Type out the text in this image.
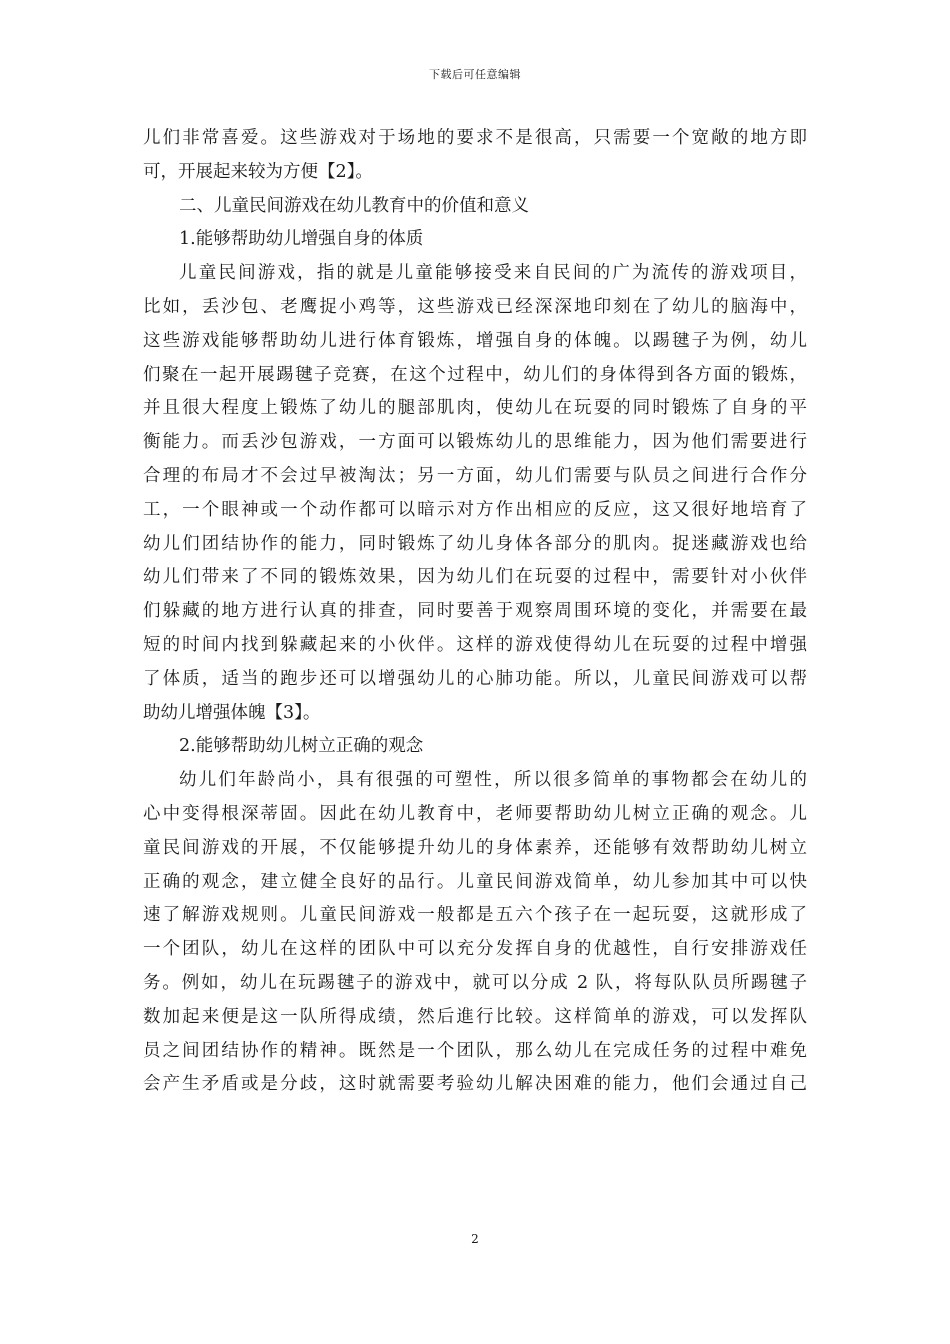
下载后可任意编辑
儿们非常喜爱。这些游戏对于场地的要求不是很高，只需要一个宽敞的地方即
可，开展起来较为方便【2】。
二、儿童民间游戏在幼儿教育中的价值和意义
1.能够帮助幼儿增强自身的体质
儿童民间游戏，指的就是儿童能够接受来自民间的广为流传的游戏项目，
比如，丢沙包、老鹰捉小鸡等，这些游戏已经深深地印刻在了幼儿的脑海中，
这些游戏能够帮助幼儿进行体育锻炼，增强自身的体魄。以踢毽子为例，幼儿
们聚在一起开展踢毽子竞赛，在这个过程中，幼儿们的身体得到各方面的锻炼，
并且很大程度上锻炼了幼儿的腿部肌肉，使幼儿在玩耍的同时锻炼了自身的平
衡能力。而丢沙包游戏，一方面可以锻炼幼儿的思维能力，因为他们需要进行
合理的布局才不会过早被淘汰；另一方面，幼儿们需要与队员之间进行合作分
工，一个眼神或一个动作都可以暗示对方作出相应的反应，这又很好地培育了
幼儿们团结协作的能力，同时锻炼了幼儿身体各部分的肌肉。捉迷藏游戏也给
幼儿们带来了不同的锻炼效果，因为幼儿们在玩耍的过程中，需要针对小伙伴
们躲藏的地方进行认真的排查，同时要善于观察周围环境的变化，并需要在最
短的时间内找到躲藏起来的小伙伴。这样的游戏使得幼儿在玩耍的过程中增强
了体质，适当的跑步还可以增强幼儿的心肺功能。所以，儿童民间游戏可以帮
助幼儿增强体魄【3】。
2.能够帮助幼儿树立正确的观念
幼儿们年龄尚小，具有很强的可塑性，所以很多简单的事物都会在幼儿的
心中变得根深蒂固。因此在幼儿教育中，老师要帮助幼儿树立正确的观念。儿
童民间游戏的开展，不仅能够提升幼儿的身体素养，还能够有效帮助幼儿树立
正确的观念，建立健全良好的品行。儿童民间游戏简单，幼儿参加其中可以快
速了解游戏规则。儿童民间游戏一般都是五六个孩子在一起玩耍，这就形成了
一个团队，幼儿在这样的团队中可以充分发挥自身的优越性，自行安排游戏任
务。例如，幼儿在玩踢毽子的游戏中，就可以分成 2 队，将每队队员所踢毽子
数加起来便是这一队所得成绩，然后進行比较。这样简单的游戏，可以发挥队
员之间团结协作的精神。既然是一个团队，那么幼儿在完成任务的过程中难免
会产生矛盾或是分歧，这时就需要考验幼儿解决困难的能力，他们会通过自己
2
